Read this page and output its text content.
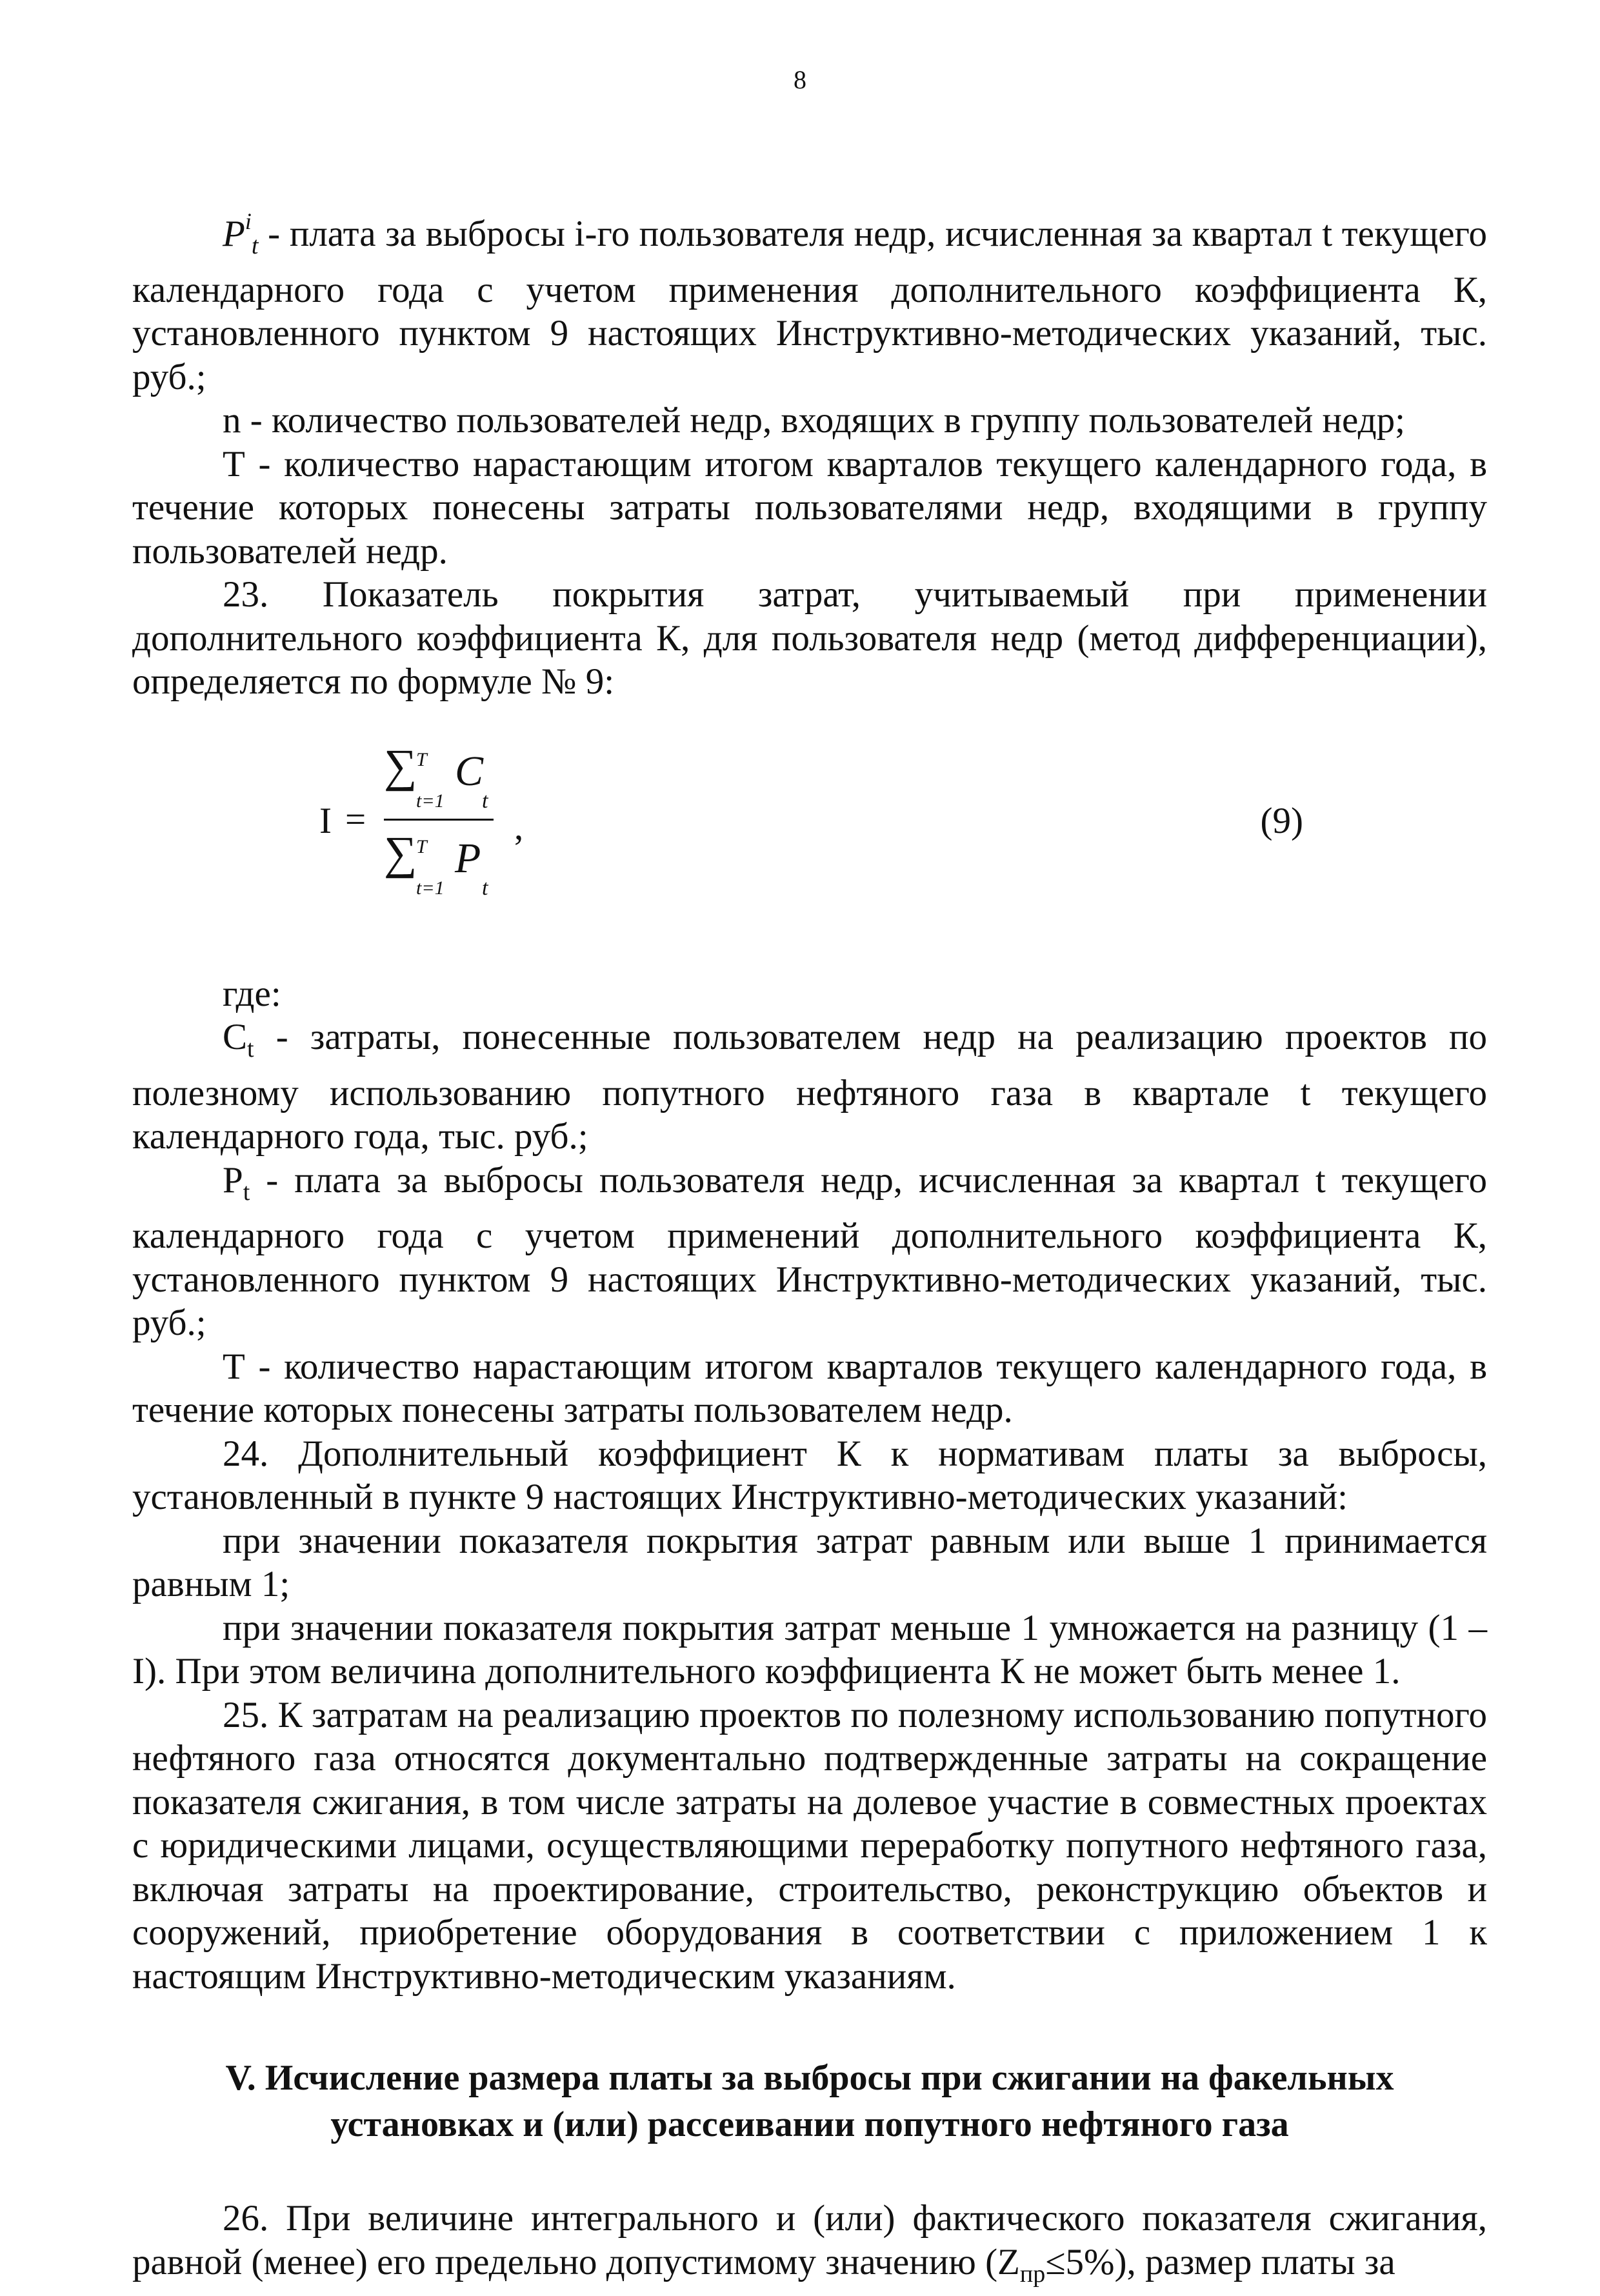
8

$P^i_t$ - плата за выбросы i-го пользователя недр, исчисленная за квартал t текущего календарного года с учетом применения дополнительного коэффициента К, установленного пунктом 9 настоящих Инструктивно-методических указаний, тыс. руб.;

n - количество пользователей недр, входящих в группу пользователей недр;

Т - количество нарастающим итогом кварталов текущего календарного года, в течение которых понесены затраты пользователями недр, входящими в группу пользователей недр.

23. Показатель покрытия затрат, учитываемый при применении дополнительного коэффициента К, для пользователя недр (метод дифференциации), определяется по формуле № 9:

I =
∑
T
t=1
C
t
∑
T
t=1
P
t
,	(9)

где:

$C_t$ - затраты, понесенные пользователем недр на реализацию проектов по полезному использованию попутного нефтяного газа в квартале t текущего календарного года, тыс. руб.;

$P_t$ - плата за выбросы пользователя недр, исчисленная за квартал t текущего календарного года с учетом применений дополнительного коэффициента К, установленного пунктом 9 настоящих Инструктивно-методических указаний, тыс. руб.;

Т - количество нарастающим итогом кварталов текущего календарного года, в течение которых понесены затраты пользователем недр.

24. Дополнительный коэффициент К к нормативам платы за выбросы, установленный в пункте 9 настоящих Инструктивно-методических указаний:

при значении показателя покрытия затрат равным или выше 1 принимается равным 1;

при значении показателя покрытия затрат меньше 1 умножается на разницу (1 – I). При этом величина дополнительного коэффициента К не может быть менее 1.

25. К затратам на реализацию проектов по полезному использованию попутного нефтяного газа относятся документально подтвержденные затраты на сокращение показателя сжигания, в том числе затраты на долевое участие в совместных проектах с юридическими лицами, осуществляющими переработку попутного нефтяного газа, включая затраты на проектирование, строительство, реконструкцию объектов и сооружений, приобретение оборудования в соответствии с приложением 1 к настоящим Инструктивно-методическим указаниям.

V. Исчисление размера платы за выбросы при сжигании на факельных
установках и (или) рассеивании попутного нефтяного газа

26. При величине интегрального и (или) фактического показателя сжигания, равной (менее) его предельно допустимому значению $(Z_{пр}\le 5\%)$, размер платы за
